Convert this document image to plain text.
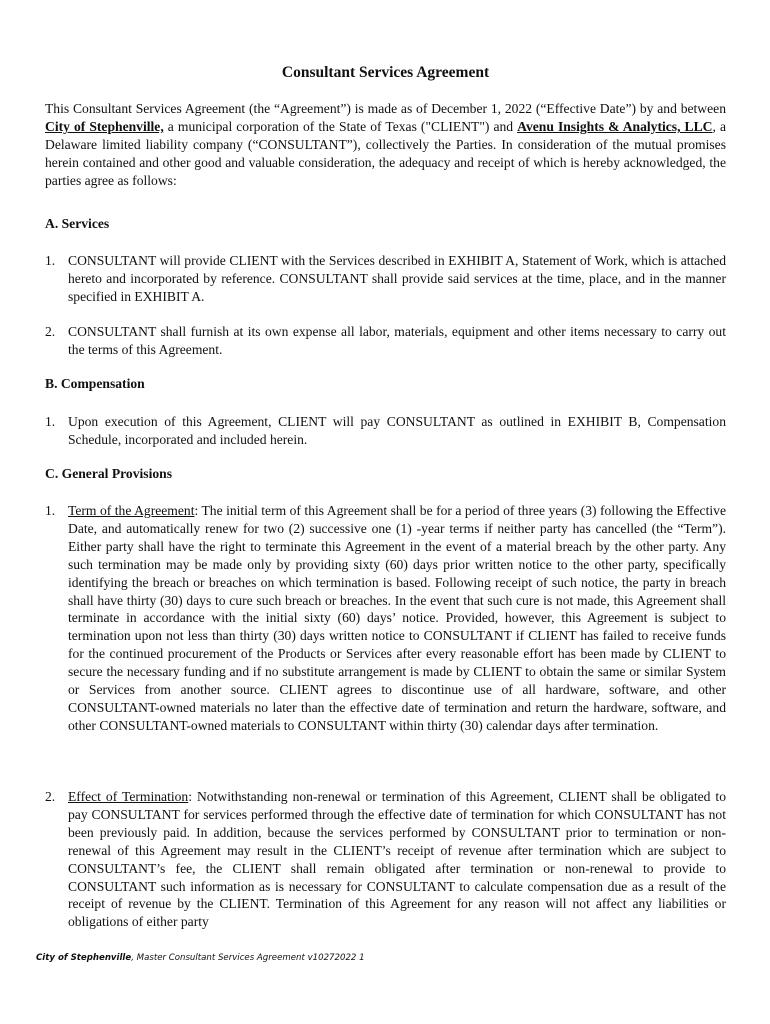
Consultant Services Agreement
This Consultant Services Agreement (the “Agreement”) is made as of December 1, 2022 (“Effective Date”) by and between City of Stephenville, a municipal corporation of the State of Texas ("CLIENT") and Avenu Insights & Analytics, LLC, a Delaware limited liability company (“CONSULTANT”), collectively the Parties. In consideration of the mutual promises herein contained and other good and valuable consideration, the adequacy and receipt of which is hereby acknowledged, the parties agree as follows:
A. Services
1. CONSULTANT will provide CLIENT with the Services described in EXHIBIT A, Statement of Work, which is attached hereto and incorporated by reference. CONSULTANT shall provide said services at the time, place, and in the manner specified in EXHIBIT A.
2. CONSULTANT shall furnish at its own expense all labor, materials, equipment and other items necessary to carry out the terms of this Agreement.
B. Compensation
1. Upon execution of this Agreement, CLIENT will pay CONSULTANT as outlined in EXHIBIT B, Compensation Schedule, incorporated and included herein.
C. General Provisions
1. Term of the Agreement: The initial term of this Agreement shall be for a period of three years (3) following the Effective Date, and automatically renew for two (2) successive one (1) -year terms if neither party has cancelled (the “Term”). Either party shall have the right to terminate this Agreement in the event of a material breach by the other party. Any such termination may be made only by providing sixty (60) days prior written notice to the other party, specifically identifying the breach or breaches on which termination is based. Following receipt of such notice, the party in breach shall have thirty (30) days to cure such breach or breaches. In the event that such cure is not made, this Agreement shall terminate in accordance with the initial sixty (60) days’ notice. Provided, however, this Agreement is subject to termination upon not less than thirty (30) days written notice to CONSULTANT if CLIENT has failed to receive funds for the continued procurement of the Products or Services after every reasonable effort has been made by CLIENT to secure the necessary funding and if no substitute arrangement is made by CLIENT to obtain the same or similar System or Services from another source. CLIENT agrees to discontinue use of all hardware, software, and other CONSULTANT-owned materials no later than the effective date of termination and return the hardware, software, and other CONSULTANT-owned materials to CONSULTANT within thirty (30) calendar days after termination.
2. Effect of Termination: Notwithstanding non-renewal or termination of this Agreement, CLIENT shall be obligated to pay CONSULTANT for services performed through the effective date of termination for which CONSULTANT has not been previously paid. In addition, because the services performed by CONSULTANT prior to termination or non-renewal of this Agreement may result in the CLIENT’s receipt of revenue after termination which are subject to CONSULTANT’s fee, the CLIENT shall remain obligated after termination or non-renewal to provide to CONSULTANT such information as is necessary for CONSULTANT to calculate compensation due as a result of the receipt of revenue by the CLIENT. Termination of this Agreement for any reason will not affect any liabilities or obligations of either party
City of Stephenville, Master Consultant Services Agreement v10272022 1
